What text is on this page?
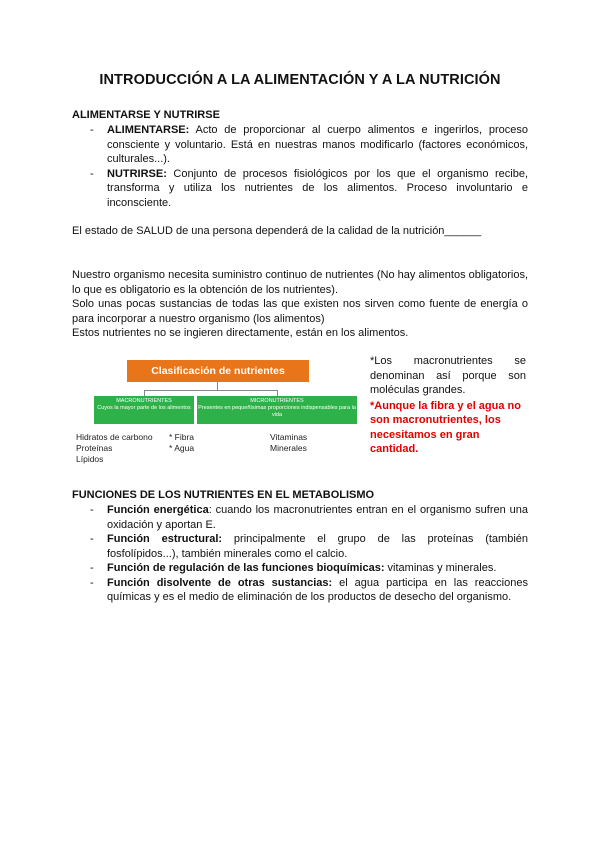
INTRODUCCIÓN A LA ALIMENTACIÓN Y A LA NUTRICIÓN
ALIMENTARSE Y NUTRIRSE
- ALIMENTARSE: Acto de proporcionar al cuerpo alimentos e ingerirlos, proceso consciente y voluntario. Está en nuestras manos modificarlo (factores económicos, culturales...).
- NUTRIRSE: Conjunto de procesos fisiológicos por los que el organismo recibe, transforma y utiliza los nutrientes de los alimentos. Proceso involuntario e inconsciente.
El estado de SALUD de una persona dependerá de la calidad de la nutrición______
Nuestro organismo necesita suministro continuo de nutrientes (No hay alimentos obligatorios, lo que es obligatorio es la obtención de los nutrientes).
Solo unas pocas sustancias de todas las que existen nos sirven como fuente de energía o para incorporar a nuestro organismo (los alimentos)
Estos nutrientes no se ingieren directamente, están en los alimentos.
Clasificación de nutrientes
MACRONUTRIENTES
Cuyos la mayor parte de los alimentos
MICRONUTRIENTES
Presentes en pequeñísimas proporciones indispensables para la vida
Hidratos de carbono
Proteínas
Lípidos
* Fibra
* Agua
Vitaminas
Minerales
*Los macronutrientes se denominan así porque son moléculas grandes.
*Aunque la fibra y el agua no son macronutrientes, los necesitamos en gran cantidad.
FUNCIONES DE LOS NUTRIENTES EN EL METABOLISMO
- Función energética: cuando los macronutrientes entran en el organismo sufren una oxidación y aportan E.
- Función estructural: principalmente el grupo de las proteínas (también fosfolípidos...), también minerales como el calcio.
- Función de regulación de las funciones bioquímicas: vitaminas y minerales.
- Función disolvente de otras sustancias: el agua participa en las reacciones químicas y es el medio de eliminación de los productos de desecho del organismo.
